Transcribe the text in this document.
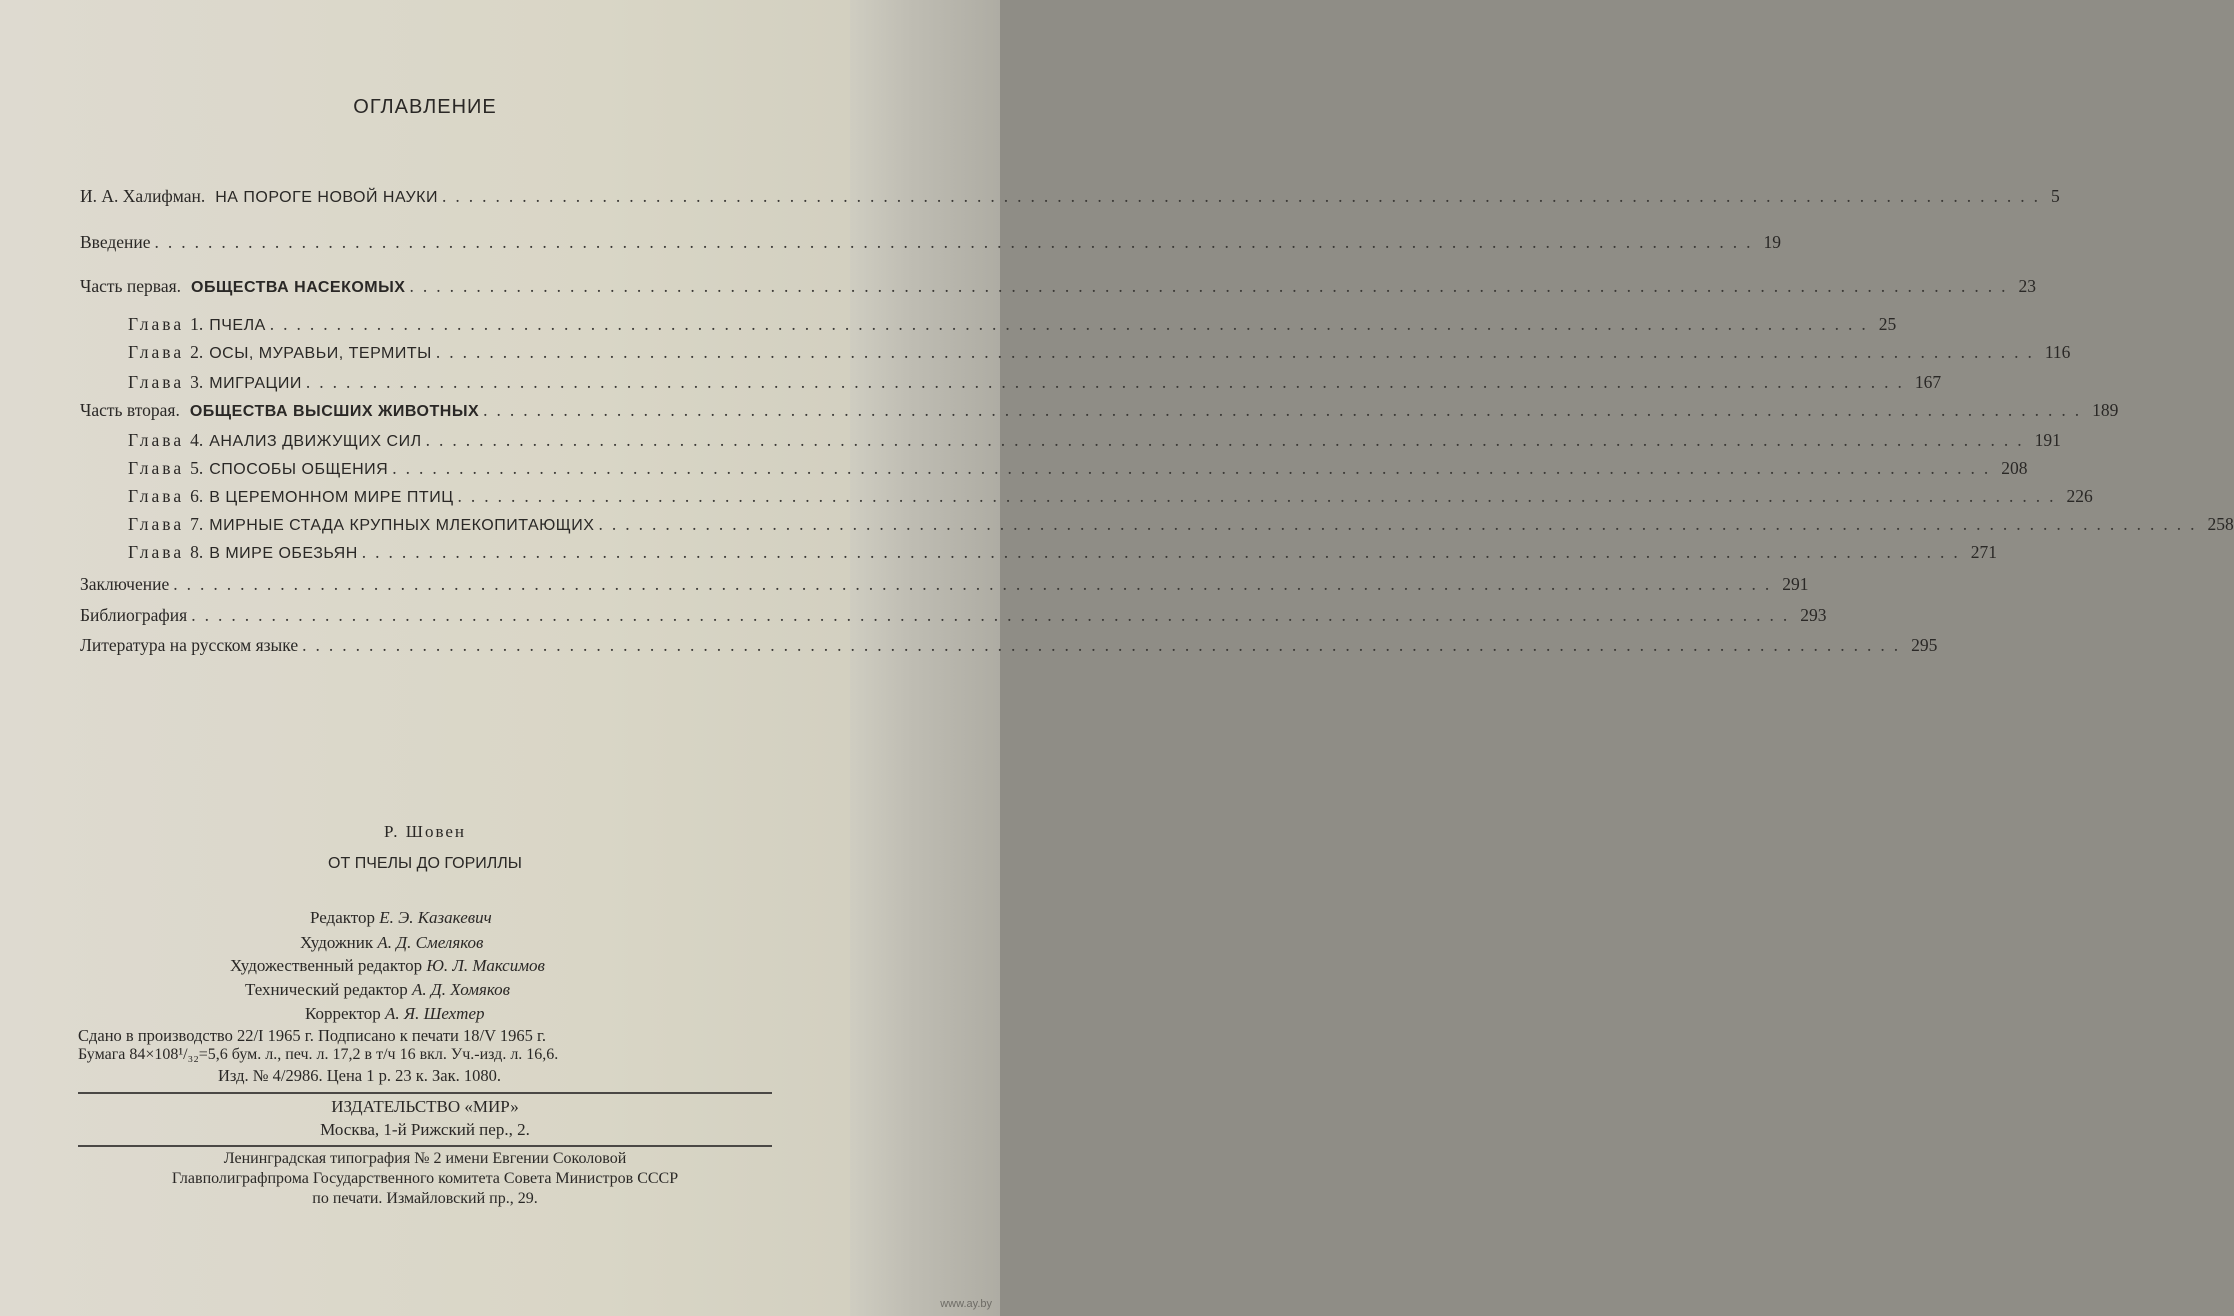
ОГЛАВЛЕНИЕ
И. А. Халифман. НА ПОРОГЕ НОВОЙ НАУКИ ........................................................................................................................ 5
Введение ........................................................................................................................ 19
Часть первая. ОБЩЕСТВА НАСЕКОМЫХ ........................................................................................................................ 23
Глава 1. ПЧЕЛА ........................................................................................................................ 25
Глава 2. ОСЫ, МУРАВЬИ, ТЕРМИТЫ ........................................................................................................................ 116
Глава 3. МИГРАЦИИ ........................................................................................................................ 167
Часть вторая. ОБЩЕСТВА ВЫСШИХ ЖИВОТНЫХ ........................................................................................................................ 189
Глава 4. АНАЛИЗ ДВИЖУЩИХ СИЛ ........................................................................................................................ 191
Глава 5. СПОСОБЫ ОБЩЕНИЯ ........................................................................................................................ 208
Глава 6. В ЦЕРЕМОННОМ МИРЕ ПТИЦ ........................................................................................................................ 226
Глава 7. МИРНЫЕ СТАДА КРУПНЫХ МЛЕКОПИТАЮЩИХ ........................................................................................................................ 258
Глава 8. В МИРЕ ОБЕЗЬЯН ........................................................................................................................ 271
Заключение ........................................................................................................................ 291
Библиография ........................................................................................................................ 293
Литература на русском языке ........................................................................................................................ 295
Р. Шовен
ОТ ПЧЕЛЫ ДО ГОРИЛЛЫ
Редактор Е. Э. Казакевич
Художник А. Д. Смеляков
Художественный редактор Ю. Л. Максимов
Технический редактор А. Д. Хомяков
Корректор А. Я. Шехтер
Сдано в производство 22/I 1965 г. Подписано к печати 18/V 1965 г.
Бумага 84×108¹/₃₂=5,6 бум. л., печ. л. 17,2 в т/ч 16 вкл. Уч.-изд. л. 16,6.
Изд. № 4/2986. Цена 1 р. 23 к. Зак. 1080.
ИЗДАТЕЛЬСТВО «МИР»
Москва, 1-й Рижский пер., 2.
Ленинградская типография № 2 имени Евгении Соколовой
Главполиграфпрома Государственного комитета Совета Министров СССР
по печати. Измайловский пр., 29.
www.ay.by
